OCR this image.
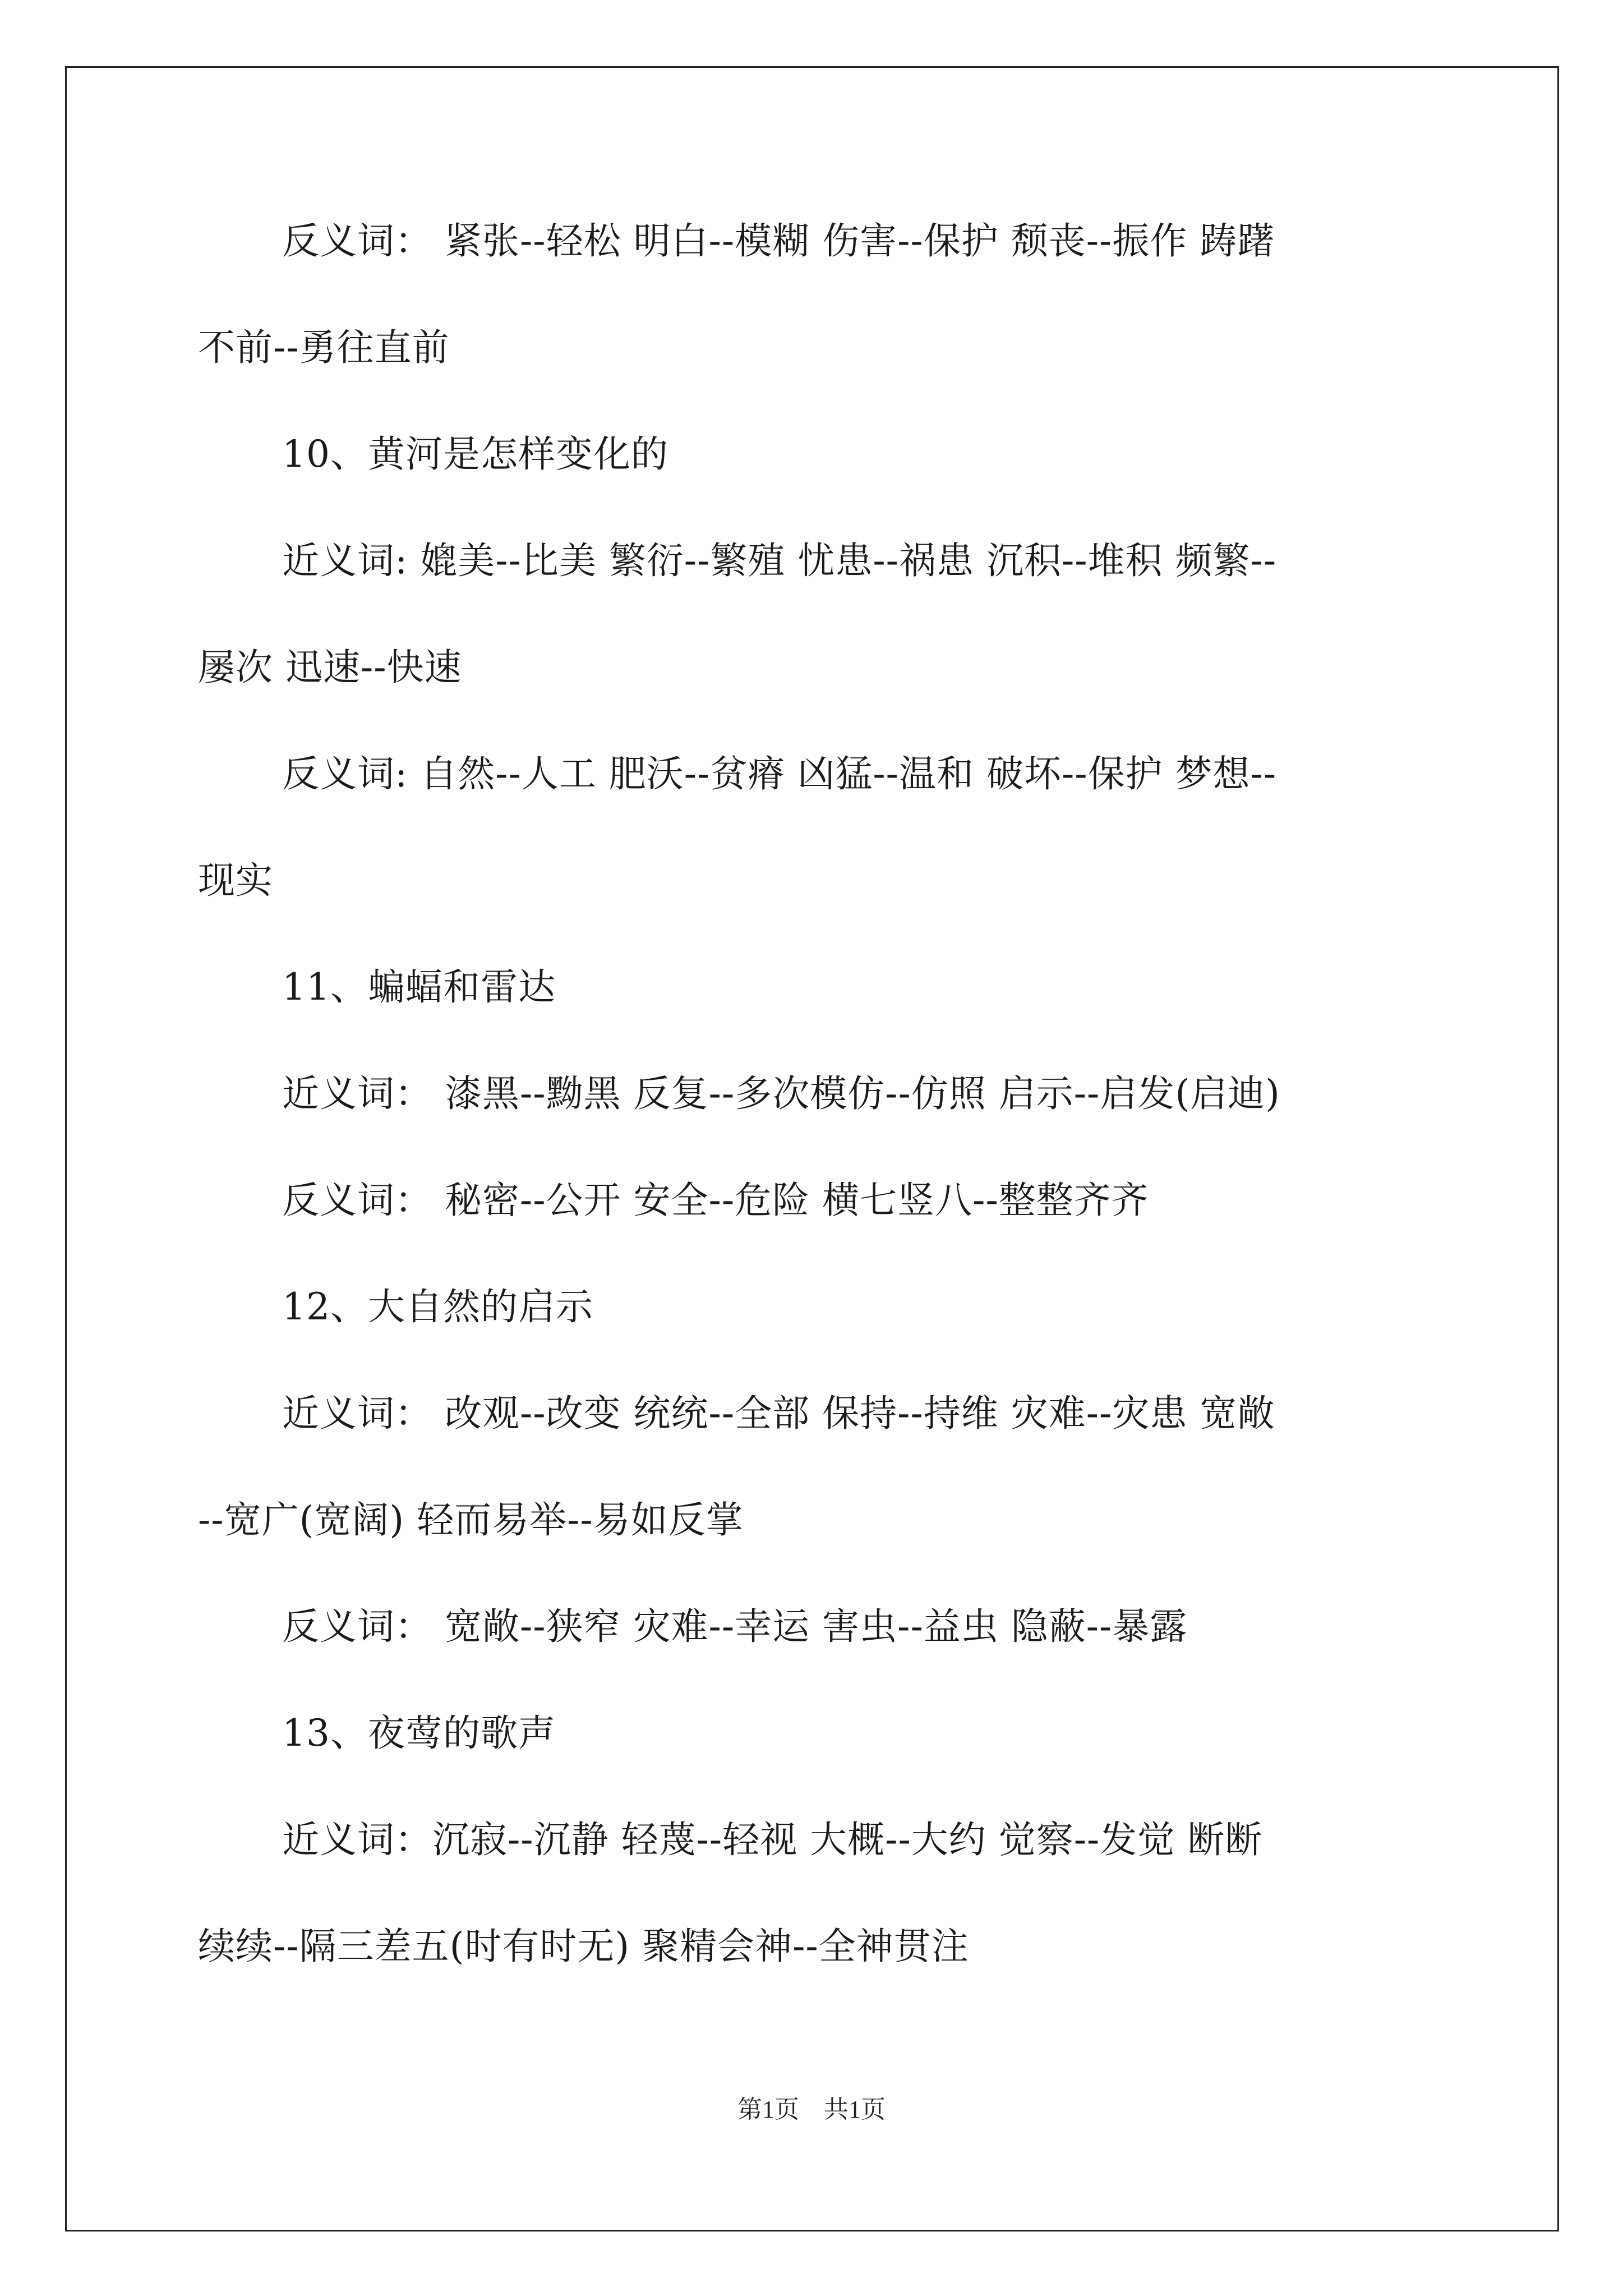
反义词： 紧张--轻松 明白--模糊 伤害--保护 颓丧--振作 踌躇
不前--勇往直前
10、黄河是怎样变化的
近义词: 媲美--比美 繁衍--繁殖 忧患--祸患 沉积--堆积 频繁--
屡次 迅速--快速
反义词: 自然--人工 肥沃--贫瘠 凶猛--温和 破坏--保护 梦想--
现实
11、蝙蝠和雷达
近义词： 漆黑--黝黑 反复--多次模仿--仿照 启示--启发(启迪)
反义词： 秘密--公开 安全--危险 横七竖八--整整齐齐
12、大自然的启示
近义词： 改观--改变 统统--全部 保持--持维 灾难--灾患 宽敞
--宽广(宽阔) 轻而易举--易如反掌
反义词： 宽敞--狭窄 灾难--幸运 害虫--益虫 隐蔽--暴露
13、夜莺的歌声
近义词：沉寂--沉静 轻蔑--轻视 大概--大约 觉察--发觉 断断
续续--隔三差五(时有时无) 聚精会神--全神贯注
第1页　共1页
